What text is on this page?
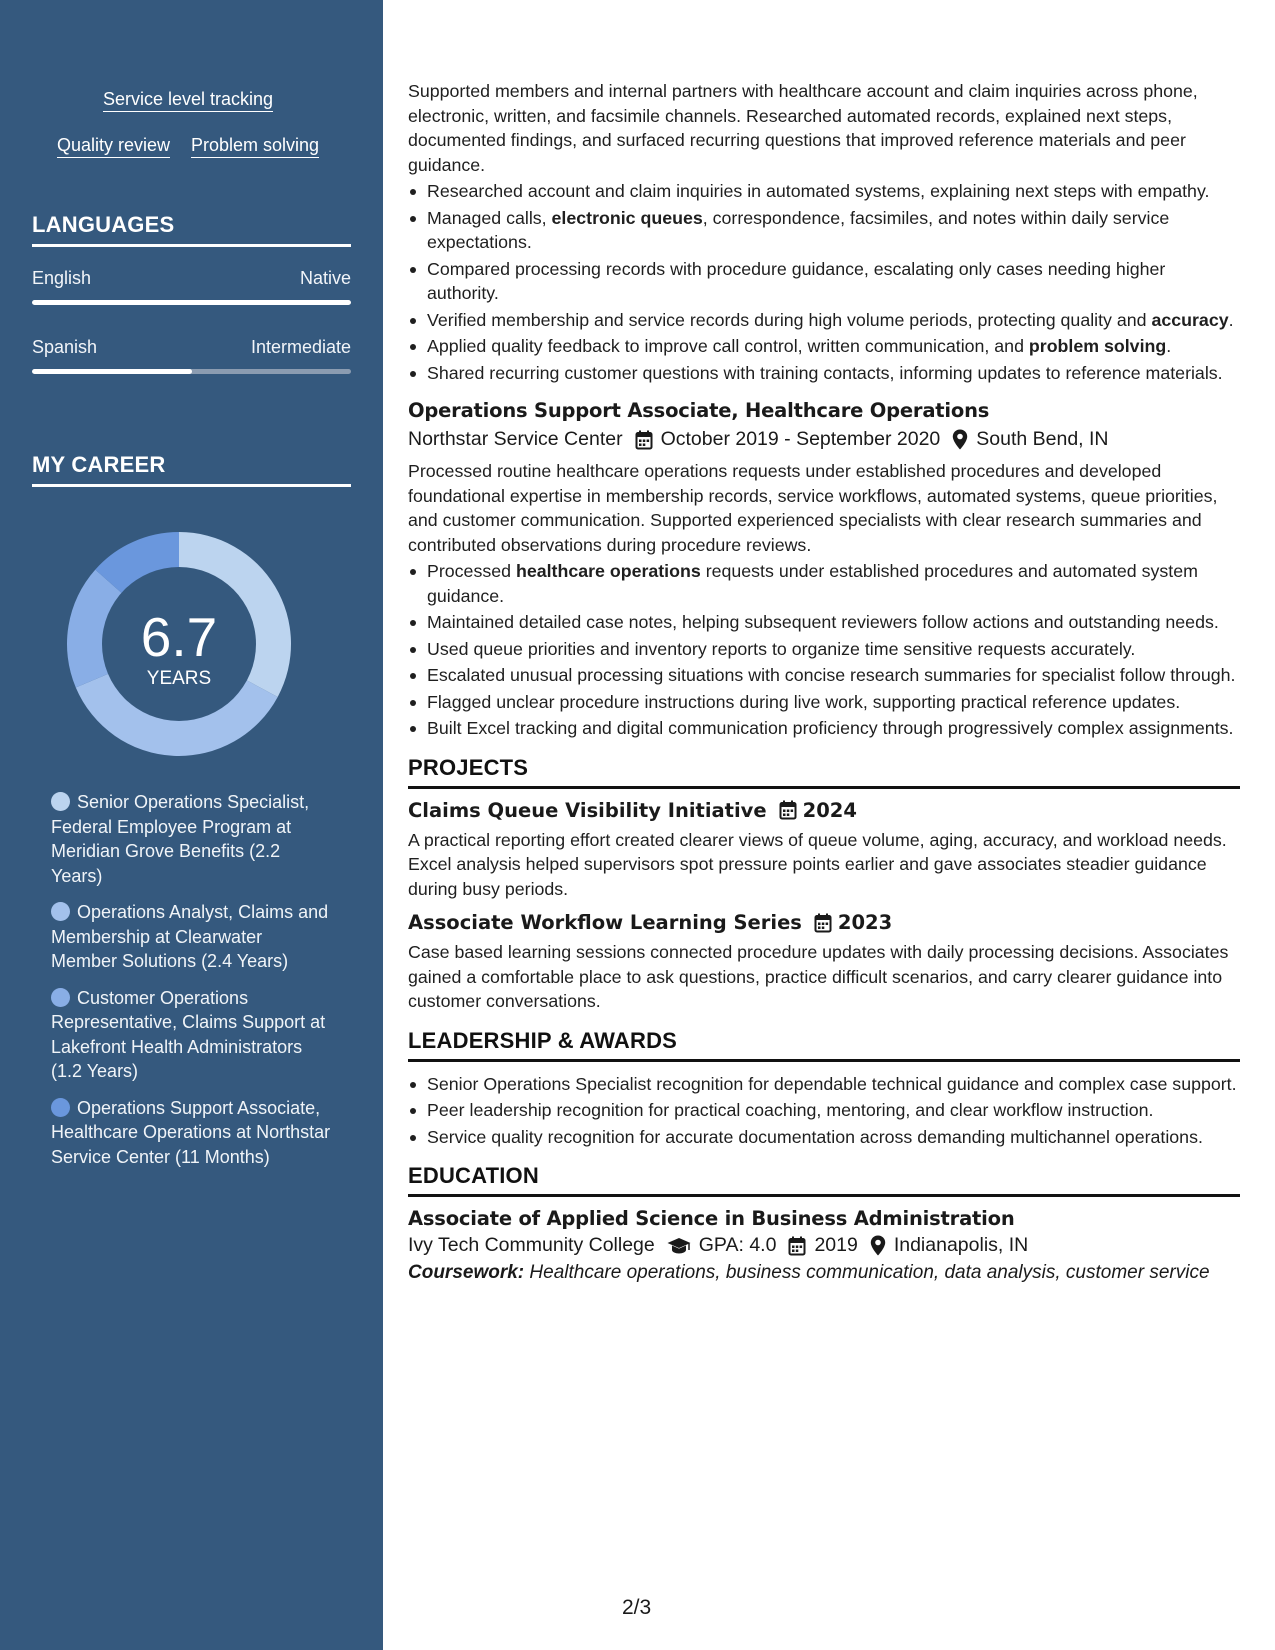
Service level tracking
Quality review Problem solving
LANGUAGES
English	Native
Spanish	Intermediate
MY CAREER
6.7
YEARS
Senior Operations Specialist, Federal Employee Program at Meridian Grove Benefits (2.2 Years)
Operations Analyst, Claims and Membership at Clearwater Member Solutions (2.4 Years)
Customer Operations Representative, Claims Support at Lakefront Health Administrators (1.2 Years)
Operations Support Associate, Healthcare Operations at Northstar Service Center (11 Months)

Supported members and internal partners with healthcare account and claim inquiries across phone, electronic, written, and facsimile channels. Researched automated records, explained next steps, documented findings, and surfaced recurring questions that improved reference materials and peer guidance.

Researched account and claim inquiries in automated systems, explaining next steps with empathy.
Managed calls, electronic queues, correspondence, facsimiles, and notes within daily service expectations.
Compared processing records with procedure guidance, escalating only cases needing higher authority.
Verified membership and service records during high volume periods, protecting quality and accuracy.
Applied quality feedback to improve call control, written communication, and problem solving.
Shared recurring customer questions with training contacts, informing updates to reference materials.
Operations Support Associate, Healthcare Operations
Northstar Service Center October 2019 - September 2020 South Bend, IN

Processed routine healthcare operations requests under established procedures and developed foundational expertise in membership records, service workflows, automated systems, queue priorities, and customer communication. Supported experienced specialists with clear research summaries and contributed observations during procedure reviews.

Processed healthcare operations requests under established procedures and automated system guidance.
Maintained detailed case notes, helping subsequent reviewers follow actions and outstanding needs.
Used queue priorities and inventory reports to organize time sensitive requests accurately.
Escalated unusual processing situations with concise research summaries for specialist follow through.
Flagged unclear procedure instructions during live work, supporting practical reference updates.
Built Excel tracking and digital communication proficiency through progressively complex assignments.
PROJECTS
Claims Queue Visibility Initiative 2024

A practical reporting effort created clearer views of queue volume, aging, accuracy, and workload needs. Excel analysis helped supervisors spot pressure points earlier and gave associates steadier guidance during busy periods.

Associate Workflow Learning Series 2023

Case based learning sessions connected procedure updates with daily processing decisions. Associates gained a comfortable place to ask questions, practice difficult scenarios, and carry clearer guidance into customer conversations.

LEADERSHIP & AWARDS
Senior Operations Specialist recognition for dependable technical guidance and complex case support.
Peer leadership recognition for practical coaching, mentoring, and clear workflow instruction.
Service quality recognition for accurate documentation across demanding multichannel operations.
EDUCATION
Associate of Applied Science in Business Administration
Ivy Tech Community College GPA: 4.0 2019 Indianapolis, IN

Coursework: Healthcare operations, business communication, data analysis, customer service

2/3
